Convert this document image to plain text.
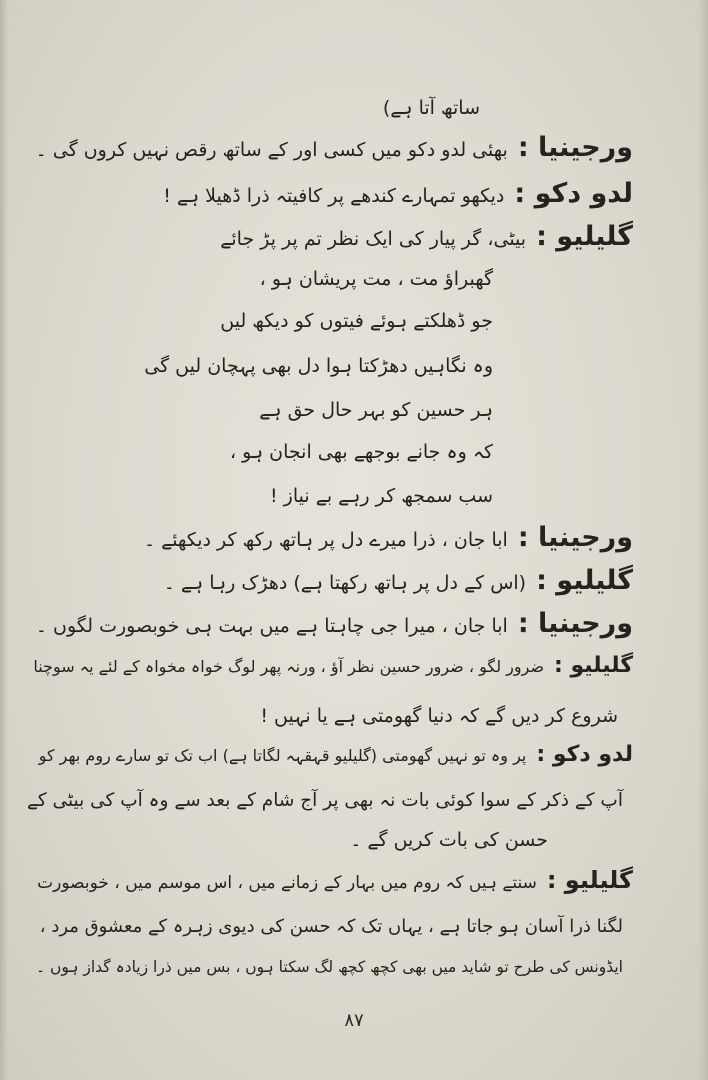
ساتھ آتا ہے)
ورجینیا :بھئی لدو دکو میں کسی اور کے ساتھ رقص نہیں کروں گی ۔
لدو دکو :دیکھو تمہارے کندھے پر کافیتہ ذرا ڈھیلا ہے !
گلیلیو :بیٹی، گر پیار کی ایک نظر تم پر پڑ جائے
گھبراؤ مت ، مت پریشان ہو ،
جو ڈھلکتے ہوئے فیتوں کو دیکھ لیں
وہ نگاہیں دھڑکتا ہوا دل بھی پہچان لیں گی
ہر حسین کو بہر حال حق ہے
کہ وہ جانے بوجھے بھی انجان ہو ،
سب سمجھ کر رہے بے نیاز !
ورجینیا :ابا جان ، ذرا میرے دل پر ہاتھ رکھ کر دیکھئے ۔
گلیلیو :(اس کے دل پر ہاتھ رکھتا ہے) دھڑک رہا ہے ۔
ورجینیا :ابا جان ، میرا جی چاہتا ہے میں بہت ہی خوبصورت لگوں ۔
گلیلیو :ضرور لگو ، ضرور حسین نظر آؤ ، ورنہ پھر لوگ خواہ مخواہ کے لئے یہ سوچنا
شروع کر دیں گے کہ دنیا گھومتی ہے یا نہیں !
لدو دکو :پر وہ تو نہیں گھومتی (گلیلیو قہقہہ لگاتا ہے) اب تک تو سارے روم بھر کو
آپ کے ذکر کے سوا کوئی بات نہ بھی پر آج شام کے بعد سے وہ آپ کی بیٹی کے
حسن کی بات کریں گے ۔
گلیلیو :سنتے ہیں کہ روم میں بہار کے زمانے میں ، اس موسم میں ، خوبصورت
لگنا ذرا آسان ہو جاتا ہے ، یہاں تک کہ حسن کی دیوی زہرہ کے معشوق مرد ،
ایڈونس کی طرح تو شاید میں بھی کچھ کچھ لگ سکتا ہوں ، بس میں ذرا زیادہ گداز ہوں ۔
۸۷
